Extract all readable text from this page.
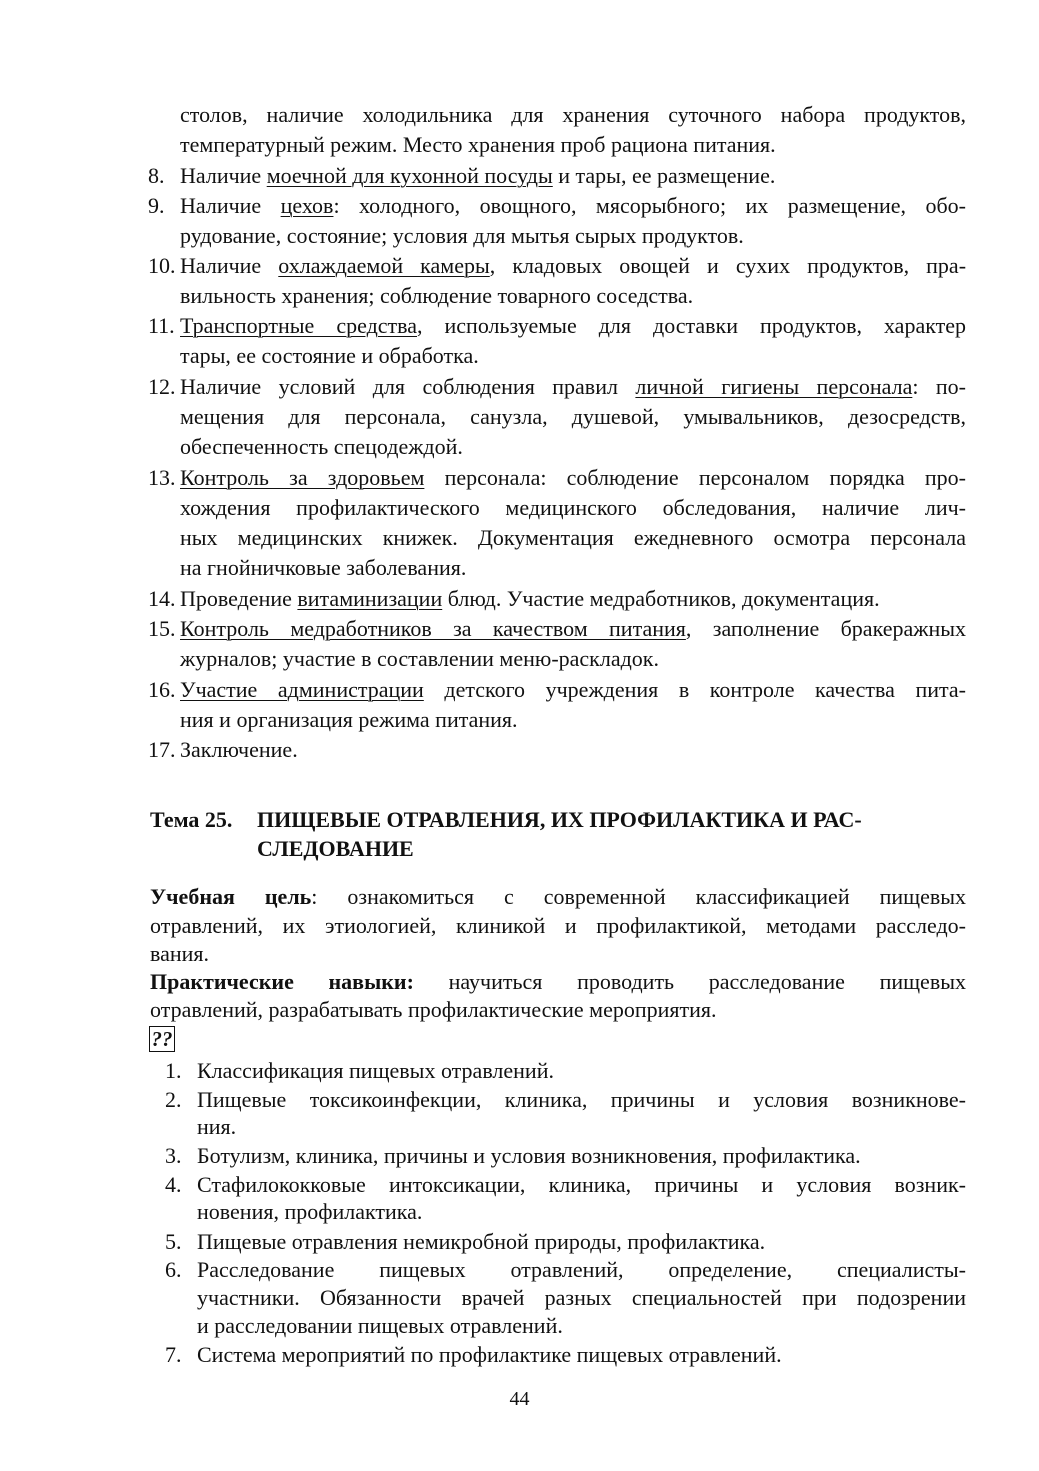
столов, наличие холодильника для хранения суточного набора продуктов,
температурный режим. Место хранения проб рациона питания.
8. Наличие моечной для кухонной посуды и тары, ее размещение.
9. Наличие цехов: холодного, овощного, мясорыбного; их размещение, обо-
рудование, состояние; условия для мытья сырых продуктов.
10. Наличие охлаждаемой камеры, кладовых овощей и сухих продуктов, пра-
вильность хранения; соблюдение товарного соседства.
11. Транспортные средства, используемые для доставки продуктов, характер
тары, ее состояние и обработка.
12. Наличие условий для соблюдения правил личной гигиены персонала: по-
мещения для персонала, санузла, душевой, умывальников, дезосредств,
обеспеченность спецодеждой.
13. Контроль за здоровьем персонала: соблюдение персоналом порядка про-
хождения профилактического медицинского обследования, наличие лич-
ных медицинских книжек. Документация ежедневного осмотра персонала
на гнойничковые заболевания.
14. Проведение витаминизации блюд. Участие медработников, документация.
15. Контроль медработников за качеством питания, заполнение бракеражных
журналов; участие в составлении меню-раскладок.
16. Участие администрации детского учреждения в контроле качества пита-
ния и организация режима питания.
17. Заключение.
Тема 25. ПИЩЕВЫЕ ОТРАВЛЕНИЯ, ИХ ПРОФИЛАКТИКА И РАС-
СЛЕДОВАНИЕ
Учебная цель: ознакомиться с современной классификацией пищевых
отравлений, их этиологией, клиникой и профилактикой, методами расследо-
вания.
Практические навыки: научиться проводить расследование пищевых
отравлений, разрабатывать профилактические мероприятия.
??
1. Классификация пищевых отравлений.
2. Пищевые токсикоинфекции, клиника, причины и условия возникнове-
ния.
3. Ботулизм, клиника, причины и условия возникновения, профилактика.
4. Стафилококковые интоксикации, клиника, причины и условия возник-
новения, профилактика.
5. Пищевые отравления немикробной природы, профилактика.
6. Расследование пищевых отравлений, определение, специалисты-
участники. Обязанности врачей разных специальностей при подозрении
и расследовании пищевых отравлений.
7. Система мероприятий по профилактике пищевых отравлений.
44
